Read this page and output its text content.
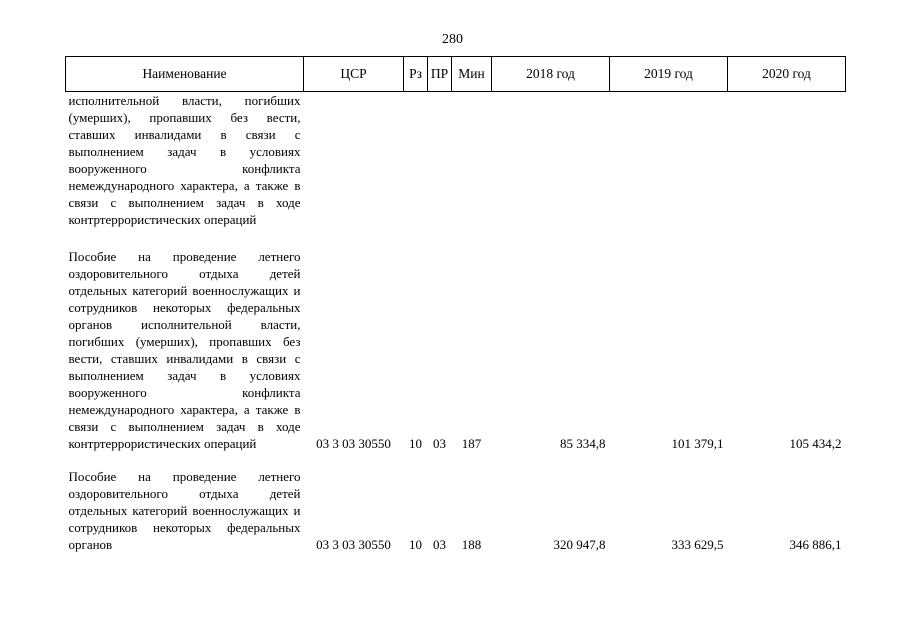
280
Наименование	ЦСР	Рз	ПР	Мин	2018 год	2019 год	2020 год
исполнительной власти, погибших (умерших), пропавших без вести, ставших инвалидами в связи с выполнением задач в условиях вооруженного конфликта немеждународного характера, а также в связи с выполнением задач в ходе контртеррористических операций							
Пособие на проведение летнего оздоровительного отдыха детей отдельных категорий военнослужащих и сотрудников некоторых федеральных органов исполнительной власти, погибших (умерших), пропавших без вести, ставших инвалидами в связи с выполнением задач в условиях вооруженного конфликта немеждународного характера, а также в связи с выполнением задач в ходе контртеррористических операций	03 3 03 30550	10	03	187	85 334,8	101 379,1	105 434,2
Пособие на проведение летнего оздоровительного отдыха детей отдельных категорий военнослужащих и сотрудников некоторых федеральных органов	03 3 03 30550	10	03	188	320 947,8	333 629,5	346 886,1
